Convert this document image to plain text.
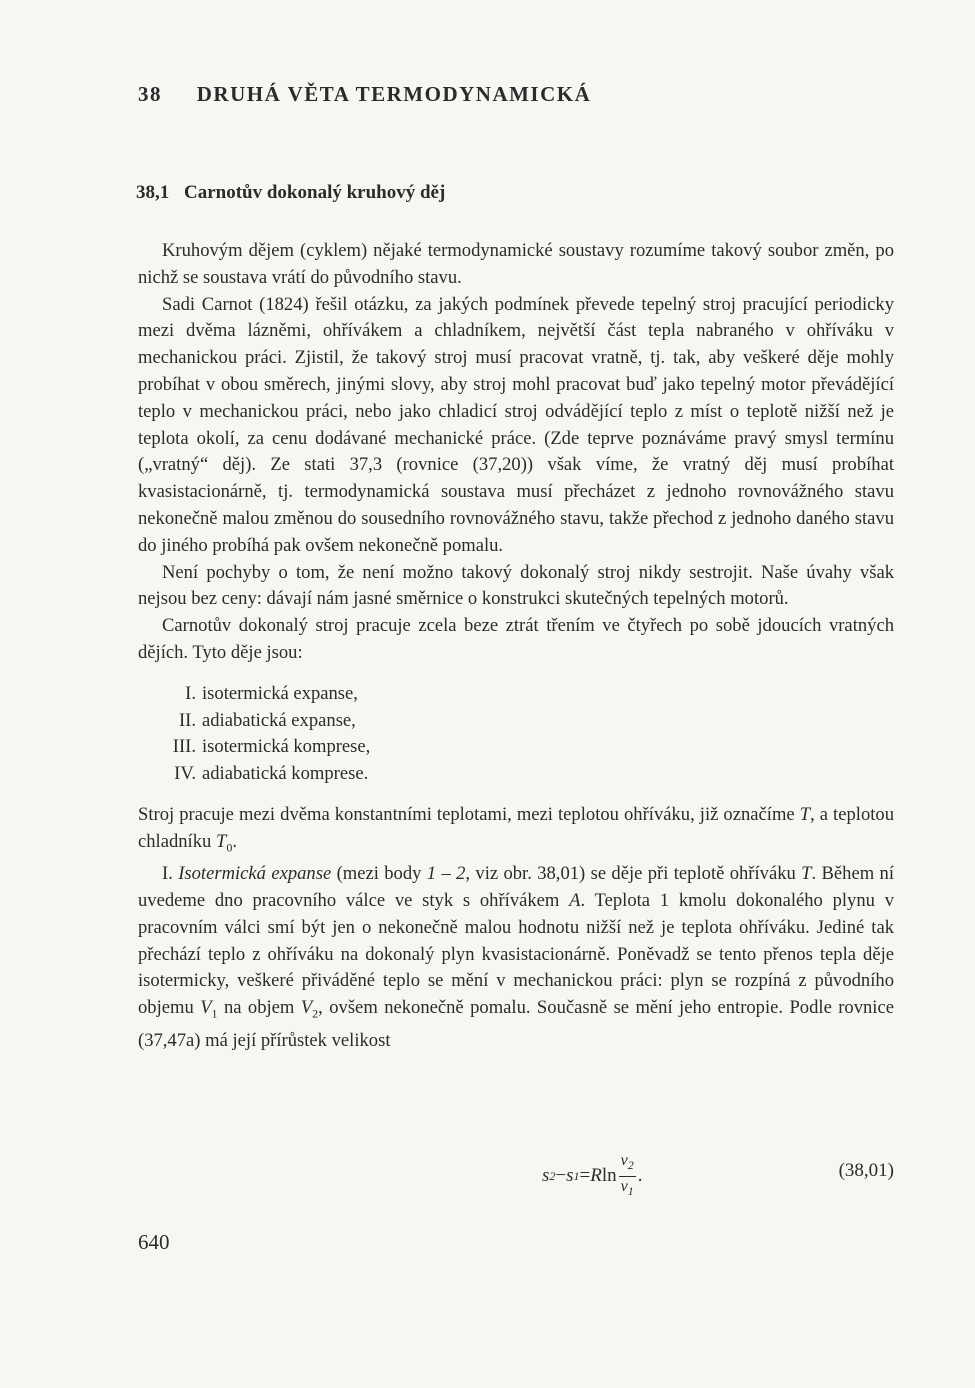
38 DRUHÁ VĚTA TERMODYNAMICKÁ
38,1 Carnotův dokonalý kruhový děj

Kruhovým dějem (cyklem) nějaké termodynamické soustavy rozumíme takový soubor změn, po nichž se soustava vrátí do původního stavu.

Sadi Carnot (1824) řešil otázku, za jakých podmínek převede tepelný stroj pracující periodicky mezi dvěma lázněmi, ohřívákem a chladníkem, největší část tepla nabraného v ohříváku v mechanickou práci. Zjistil, že takový stroj musí pracovat vratně, tj. tak, aby veškeré děje mohly probíhat v obou směrech, jinými slovy, aby stroj mohl pracovat buď jako tepelný motor převádějící teplo v mechanickou práci, nebo jako chladicí stroj odvádějící teplo z míst o teplotě nižší než je teplota okolí, za cenu dodávané mechanické práce. (Zde teprve poznáváme pravý smysl termínu („vratný“ děj). Ze stati 37,3 (rovnice (37,20)) však víme, že vratný děj musí probíhat kvasistacionárně, tj. termodynamická soustava musí přecházet z jednoho rovnovážného stavu nekonečně malou změnou do sousedního rovnovážného stavu, takže přechod z jednoho daného stavu do jiného probíhá pak ovšem nekonečně pomalu.

Není pochyby o tom, že není možno takový dokonalý stroj nikdy sestrojit. Naše úvahy však nejsou bez ceny: dávají nám jasné směrnice o konstrukci skutečných tepelných motorů.

Carnotův dokonalý stroj pracuje zcela beze ztrát třením ve čtyřech po sobě jdoucích vratných dějích. Tyto děje jsou:

I. isotermická expanse,
II. adiabatická expanse,
III. isotermická komprese,
IV. adiabatická komprese.

Stroj pracuje mezi dvěma konstantními teplotami, mezi teplotou ohříváku, již označíme T, a teplotou chladníku $T_0$.

I. Isotermická expanse (mezi body 1 – 2, viz obr. 38,01) se děje při teplotě ohříváku T. Během ní uvedeme dno pracovního válce ve styk s ohřívákem A. Teplota 1 kmolu dokonalého plynu v pracovním válci smí být jen o nekonečně malou hodnotu nižší než je teplota ohříváku. Jediné tak přechází teplo z ohříváku na dokonalý plyn kvasistacionárně. Poněvadž se tento přenos tepla děje isotermicky, veškeré přiváděné teplo se mění v mechanickou práci: plyn se rozpíná z původního objemu $V_1$ na objem $V_2$, ovšem nekonečně pomalu. Současně se mění jeho entropie. Podle rovnice (37,47a) má její přírůstek velikost

s 2 − s 1 = R $\ln \frac{v_2}{v_1}$ .	(38,01)
640
